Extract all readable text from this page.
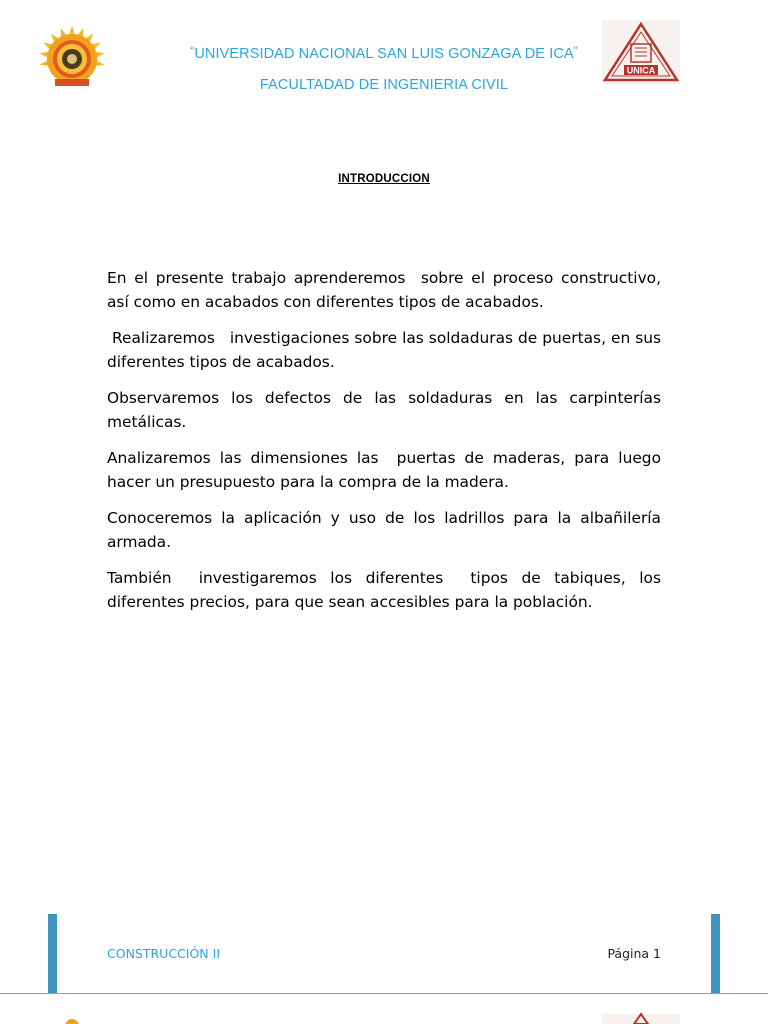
UNICA
“UNIVERSIDAD NACIONAL SAN LUIS GONZAGA DE ICA”
FACULTADAD DE INGENIERIA CIVIL
INTRODUCCION

En el presente trabajo aprenderemos  sobre el proceso constructivo, así como en acabados con diferentes tipos de acabados.

Realizaremos   investigaciones sobre las soldaduras de puertas, en sus diferentes tipos de acabados.

Observaremos los defectos de las soldaduras en las carpinterías metálicas.

Analizaremos las dimensiones las  puertas de maderas, para luego hacer un presupuesto para la compra de la madera.

Conoceremos la aplicación y uso de los ladrillos para la albañilería armada.

También  investigaremos los diferentes  tipos de tabiques, los diferentes precios, para que sean accesibles para la población.

CONSTRUCCIÓN II	Página 1
